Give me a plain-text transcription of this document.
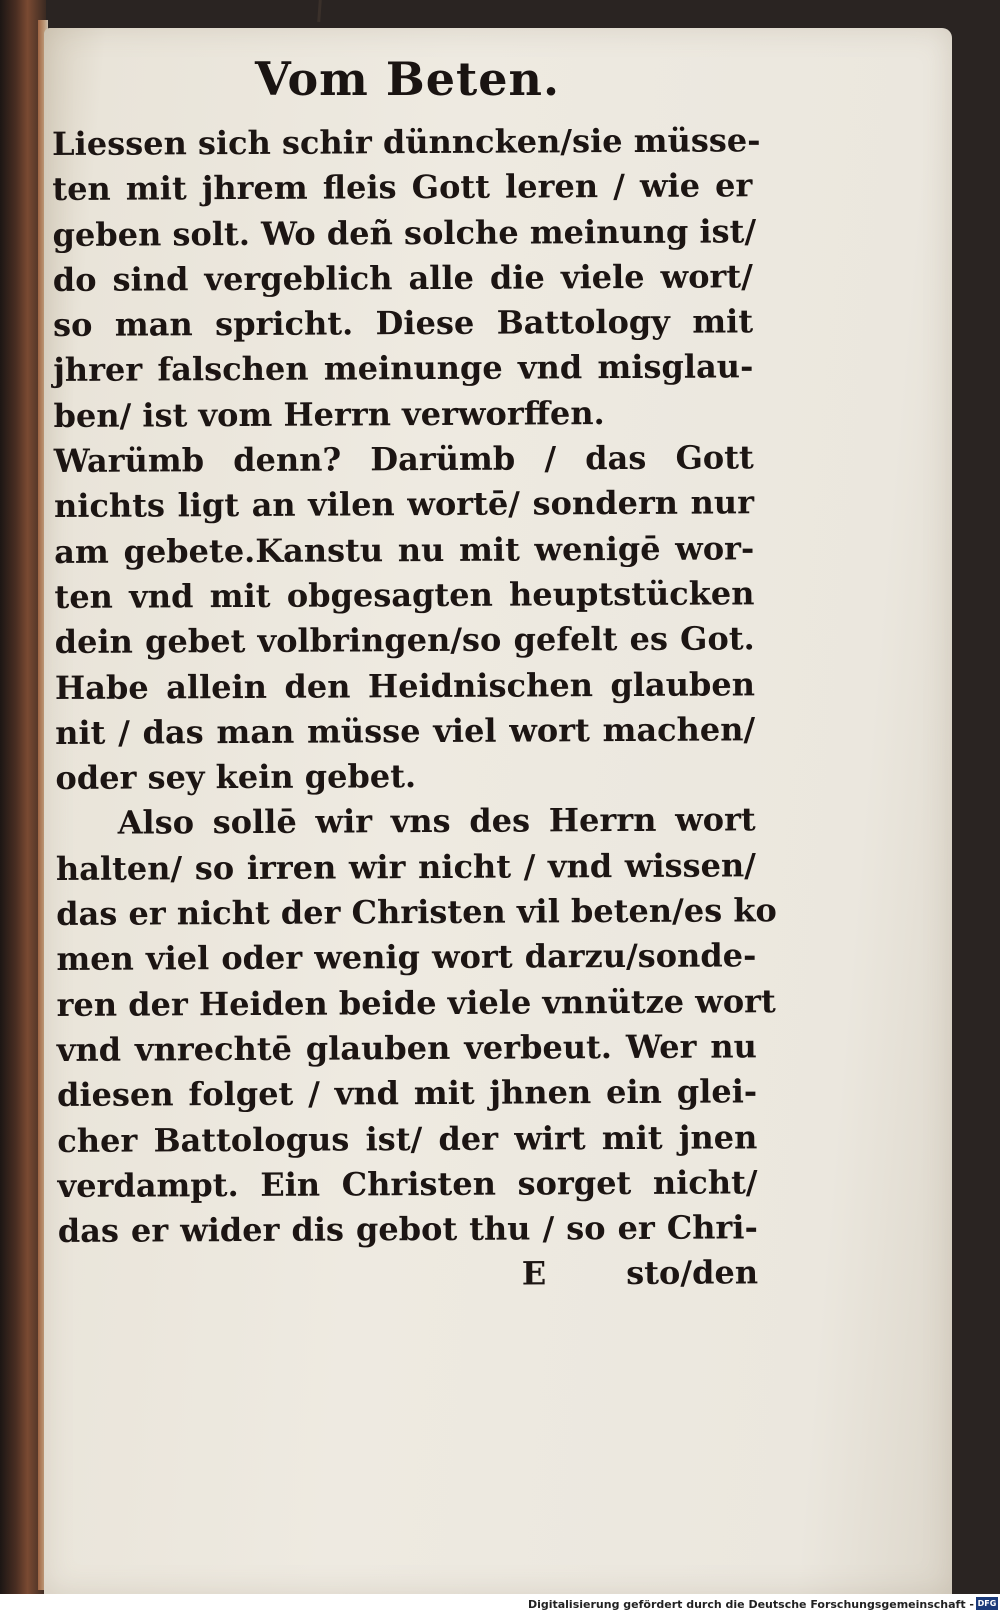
Vom Beten.
Liessen sich schir dünncken/sie müsse-
ten mit jhrem fleis Gott leren / wie er
geben solt. Wo deñ solche meinung ist/
do sind vergeblich alle die viele wort/
so man spricht. Diese Battology mit
jhrer falschen meinunge vnd misglau-
ben/ ist vom Herrn verworffen.
Warümb denn? Darümb / das Gott
nichts ligt an vilen wortē/ sondern nur
am gebete.Kanstu nu mit wenigē wor-
ten vnd mit obgesagten heuptstücken
dein gebet volbringen/so gefelt es Got.
Habe allein den Heidnischen glauben
nit / das man müsse viel wort machen/
oder sey kein gebet.
Also sollē wir vns des Herrn wort
halten/ so irren wir nicht / vnd wissen/
das er nicht der Christen vil beten/es ko
men viel oder wenig wort darzu/sonde-
ren der Heiden beide viele vnnütze wort
vnd vnrechtē glauben verbeut. Wer nu
diesen folget / vnd mit jhnen ein glei-
cher Battologus ist/ der wirt mit jnen
verdampt. Ein Christen sorget nicht/
das er wider dis gebot thu / so er Chri-
E sto/den
Digitalisierung gefördert durch die Deutsche Forschungsgemeinschaft - DFG
